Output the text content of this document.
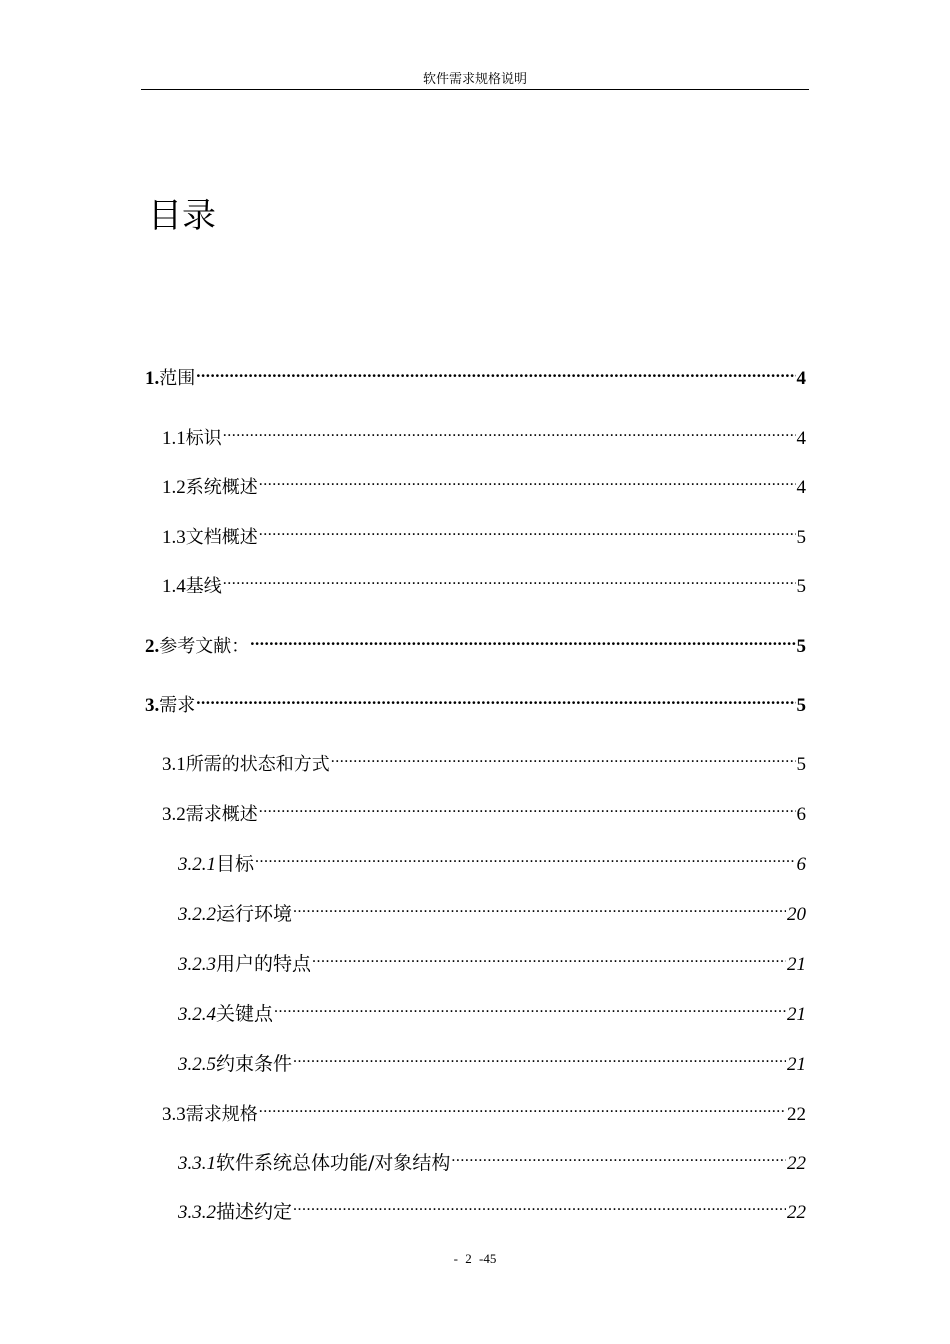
软件需求规格说明
目录
1. 范围 .....	4
1.1 标识 .....	4
1.2 系统概述 .....	4
1.3 文档概述 .....	5
1.4 基线 .....	5
2. 参考文献： .....	5
3. 需求 .....	5
3.1 所需的状态和方式 .....	5
3.2 需求概述 .....	6
3.2.1 目标 .....	6
3.2.2 运行环境 .....	20
3.2.3 用户的特点 .....	21
3.2.4 关键点 .....	21
3.2.5 约束条件 .....	21
3.3 需求规格 .....	22
3.3.1 软件系统总体功能/对象结构 .....	22
3.3.2 描述约定 .....	22
- 2 -45
